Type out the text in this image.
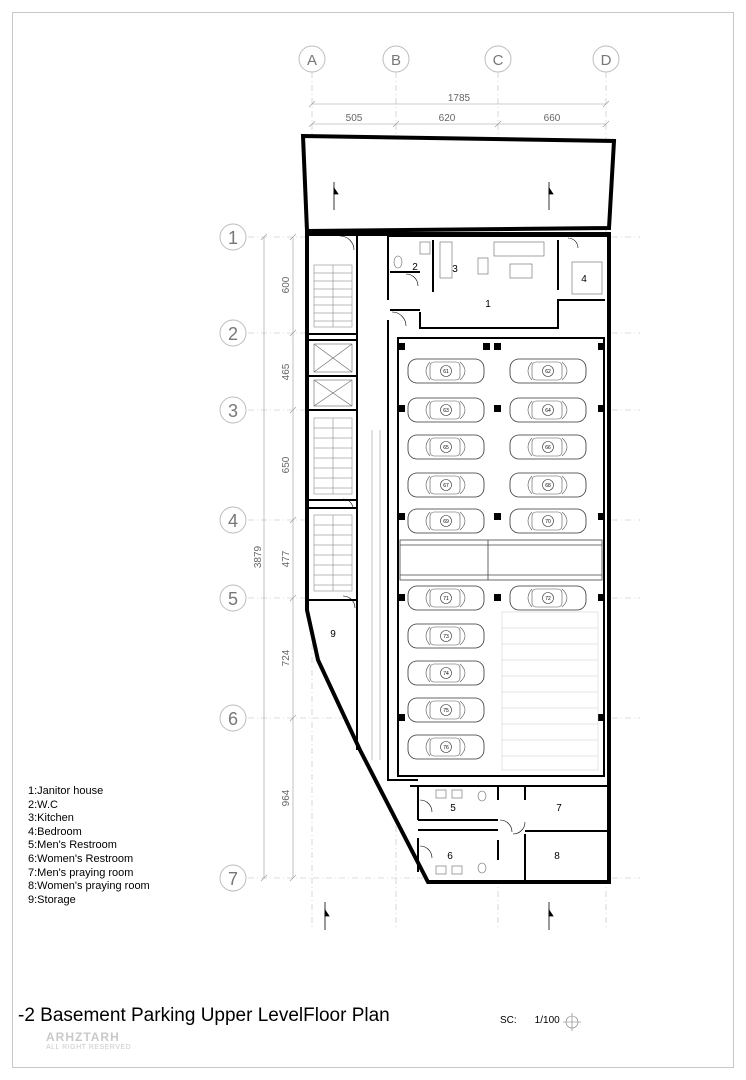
A	B	C	D
1
2
3
4
5
6
7
1785
505	620	660
3879
600
465
650
477
724
964
61
63
65
67
69
71
73
74
75
76
62
64
66
68
70
72
1
2	3
4
5
6
7
8
9
1:Janitor house
2:W.C
3:Kitchen
4:Bedroom
5:Men's Restroom
6:Women's Restroom
7:Men's praying room
8:Women's praying room
9:Storage
-2 Basement Parking Upper LevelFloor Plan	SC: 1/100
ARHZTARH
ALL RIGHT RESERVED
